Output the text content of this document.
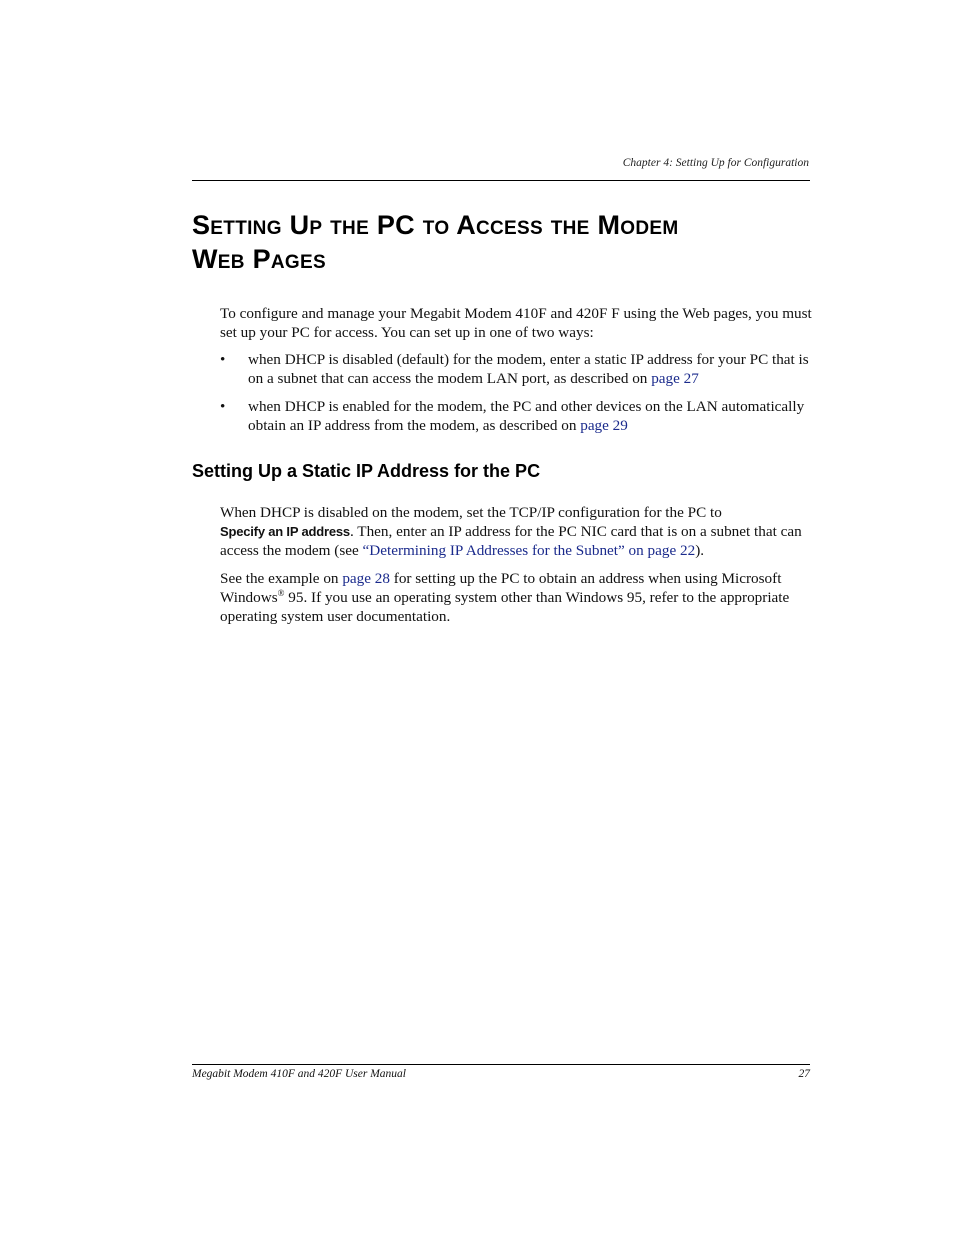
Chapter 4: Setting Up for Configuration
Setting Up the PC to Access the Modem
Web Pages

To configure and manage your Megabit Modem 410F and 420F F using the Web pages, you must set up your PC for access. You can set up in one of two ways:

• when DHCP is disabled (default) for the modem, enter a static IP address for your PC that is on a subnet that can access the modem LAN port, as described on page 27
• when DHCP is enabled for the modem, the PC and other devices on the LAN automatically obtain an IP address from the modem, as described on page 29
Setting Up a Static IP Address for the PC

When DHCP is disabled on the modem, set the TCP/IP configuration for the PC to
Specify an IP address. Then, enter an IP address for the PC NIC card that is on a subnet that can access the modem (see “Determining IP Addresses for the Subnet” on page 22).

See the example on page 28 for setting up the PC to obtain an address when using Microsoft Windows® 95. If you use an operating system other than Windows 95, refer to the appropriate operating system user documentation.

Megabit Modem 410F and 420F User Manual	27
